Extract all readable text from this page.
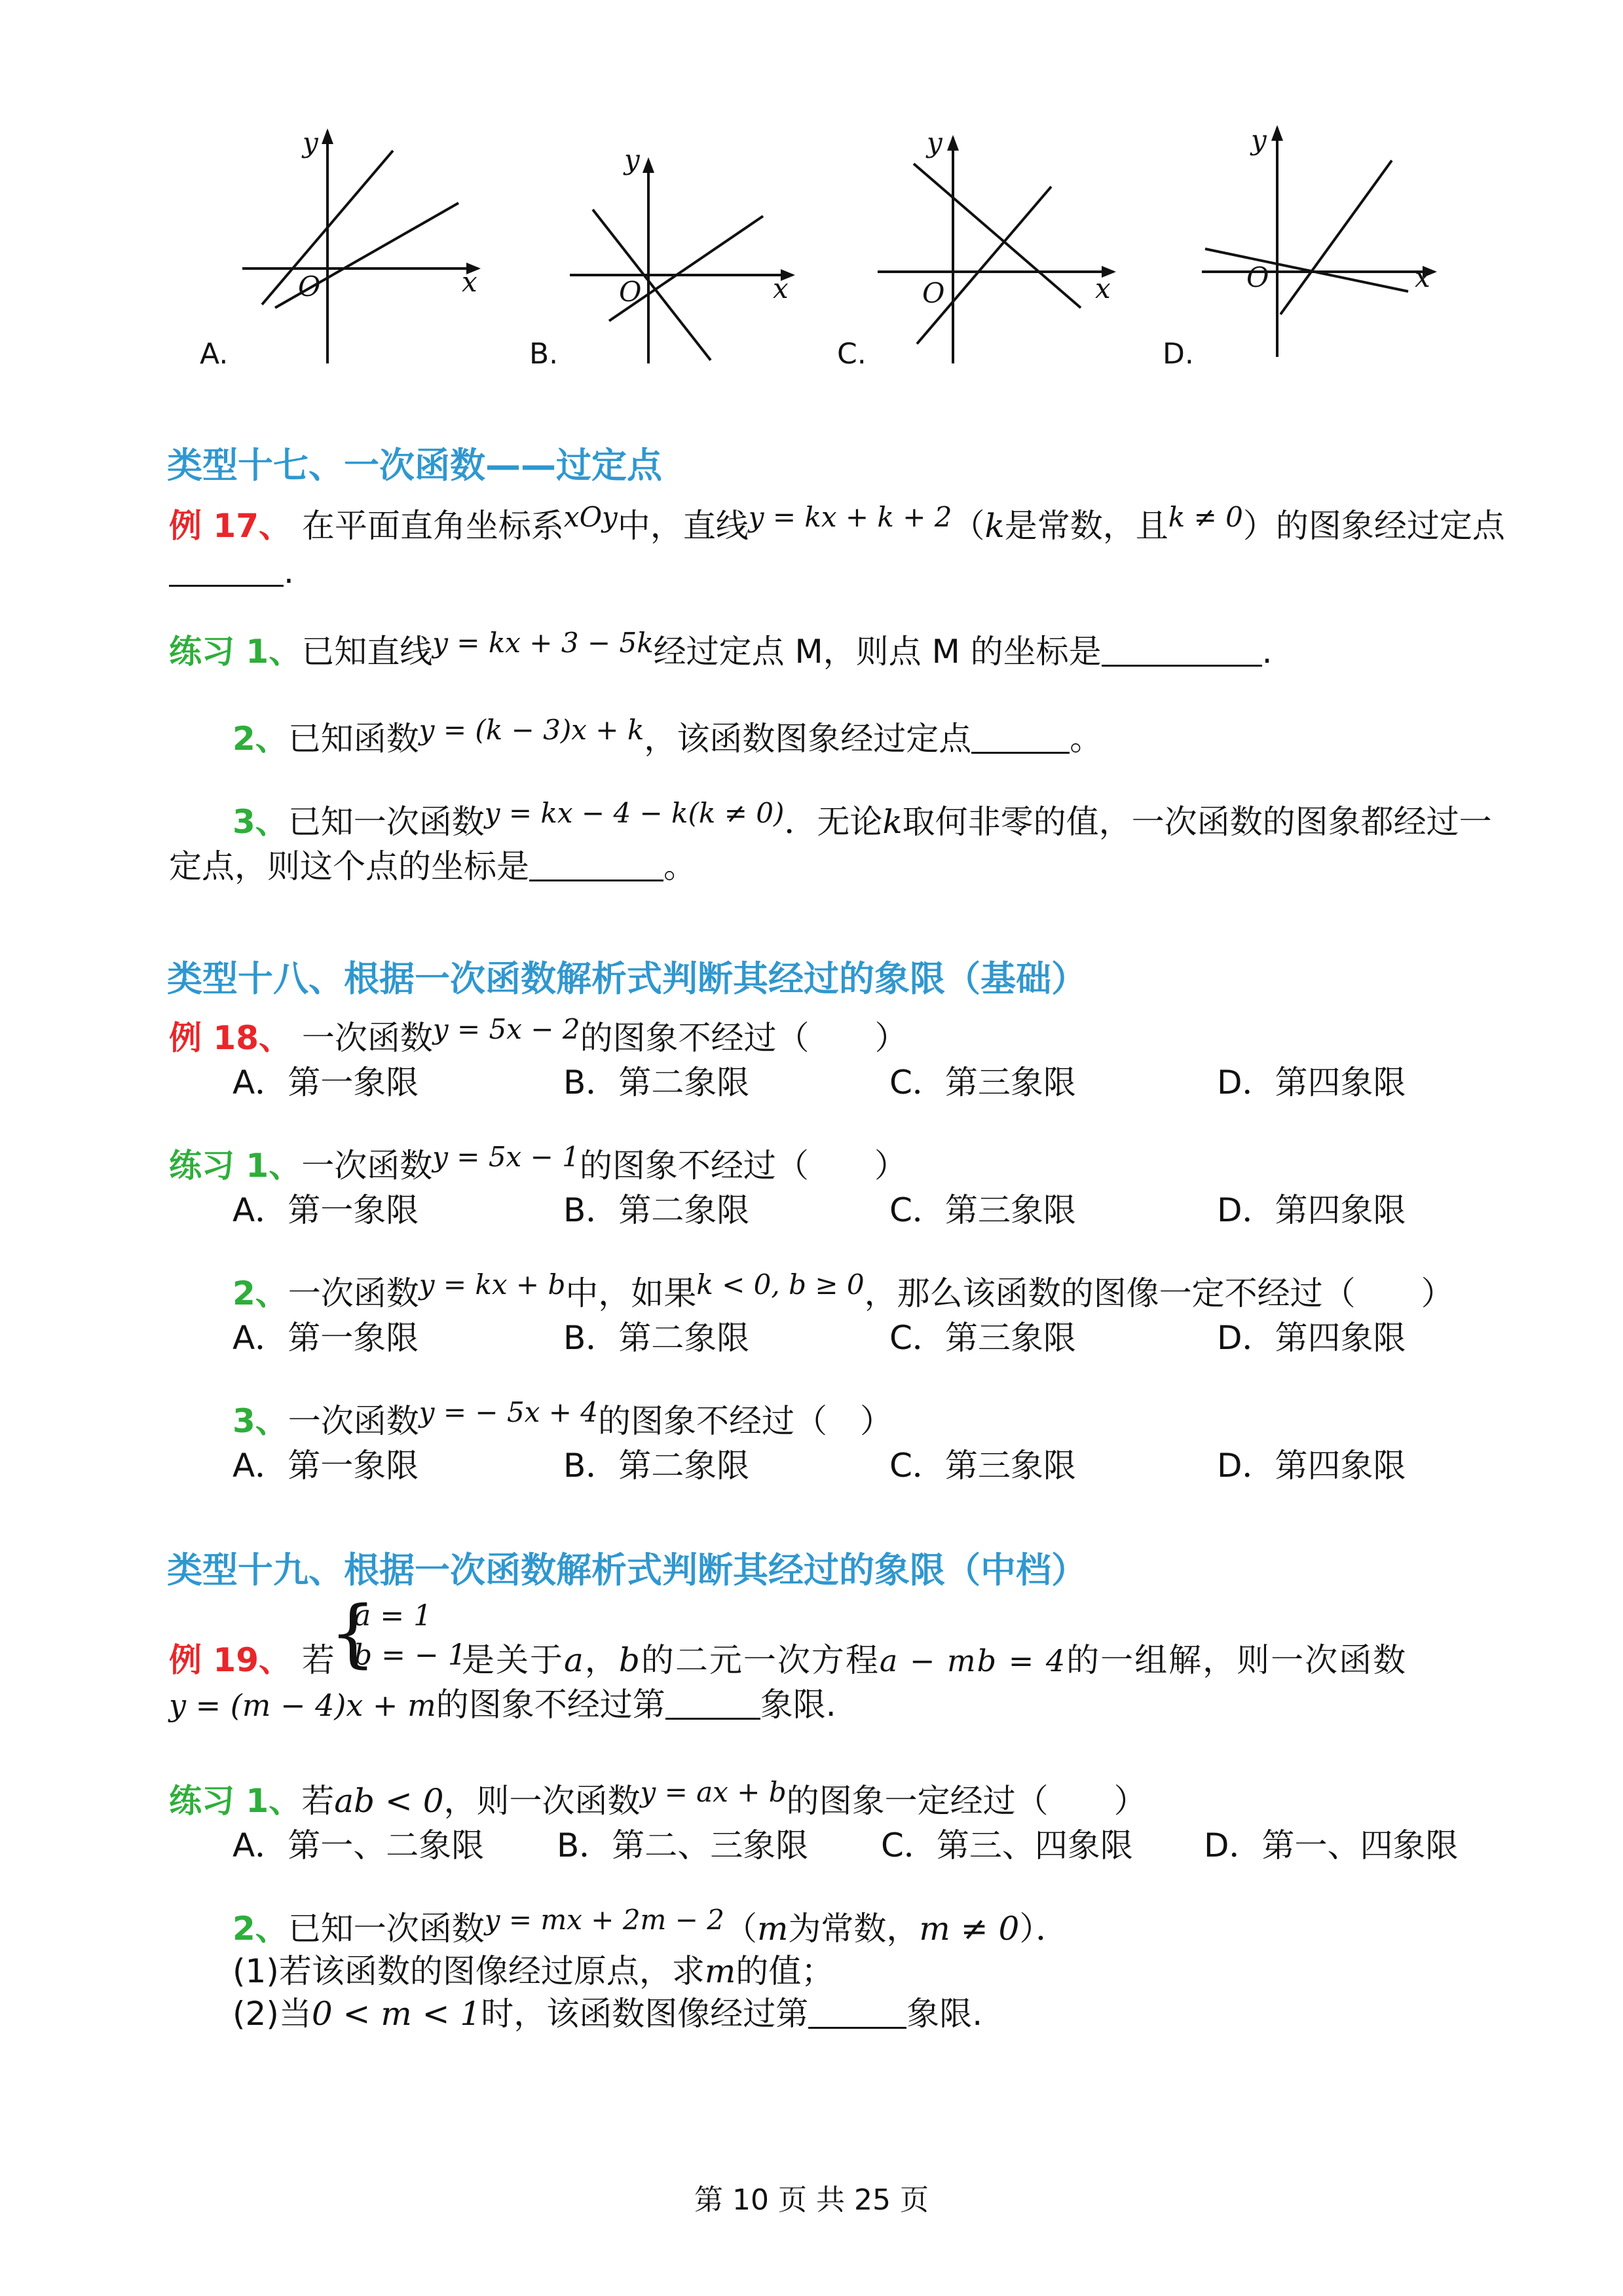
y
x
O
y
x
O
y
x
O
y
x
O
A.	B.	C.	D.
类型十七、一次函数——过定点
例 17、 在平面直角坐标系$^{xOy}$中，直线$^{y = kx + k + 2}$（k是常数，且$^{k \ne 0}$）的图象经过定点
.
练习 1、已知直线$^{y = kx + 3 - 5k}$经过定点 M，则点 M 的坐标是	.
2、已知函数$^{y = (k - 3)x + k}$，该函数图象经过定点	。
3、已知一次函数$^{y = kx - 4 - k(k \ne 0)}$．无论k取何非零的值，一次函数的图象都经过一
定点，则这个点的坐标是	。
类型十八、根据一次函数解析式判断其经过的象限（基础）
例 18、 一次函数$^{y = 5x - 2}$的图象不经过（　　）
A．第一象限	B．第二象限	C．第三象限	D．第四象限
练习 1、一次函数$^{y = 5x - 1}$的图象不经过（　　）
A．第一象限	B．第二象限	C．第三象限	D．第四象限
2、一次函数$^{y = kx + b}$中，如果$^{k < 0, b \ge 0}$，那么该函数的图像一定不经过（　　）
A．第一象限	B．第二象限	C．第三象限	D．第四象限
3、一次函数$^{y = - 5x + 4}$的图象不经过（　）
A．第一象限	B．第二象限	C．第三象限	D．第四象限
类型十九、根据一次函数解析式判断其经过的象限（中档）
{
a = 1
b = − 1
例 19、 若	是关于a，b的二元一次方程a − mb = 4的一组解，则一次函数
y = (m − 4)x + m的图象不经过第	象限.
练习 1、若ab < 0，则一次函数$^{y = ax + b}$的图象一定经过（　　）
A．第一、二象限 B．第二、三象限 C．第三、四象限 D．第一、四象限
2、已知一次函数$^{y = mx + 2m - 2}$（m为常数，m ≠ 0）．
(1)若该函数的图像经过原点，求m的值；
(2)当0 < m < 1时，该函数图像经过第	象限.
第 10 页 共 25 页
